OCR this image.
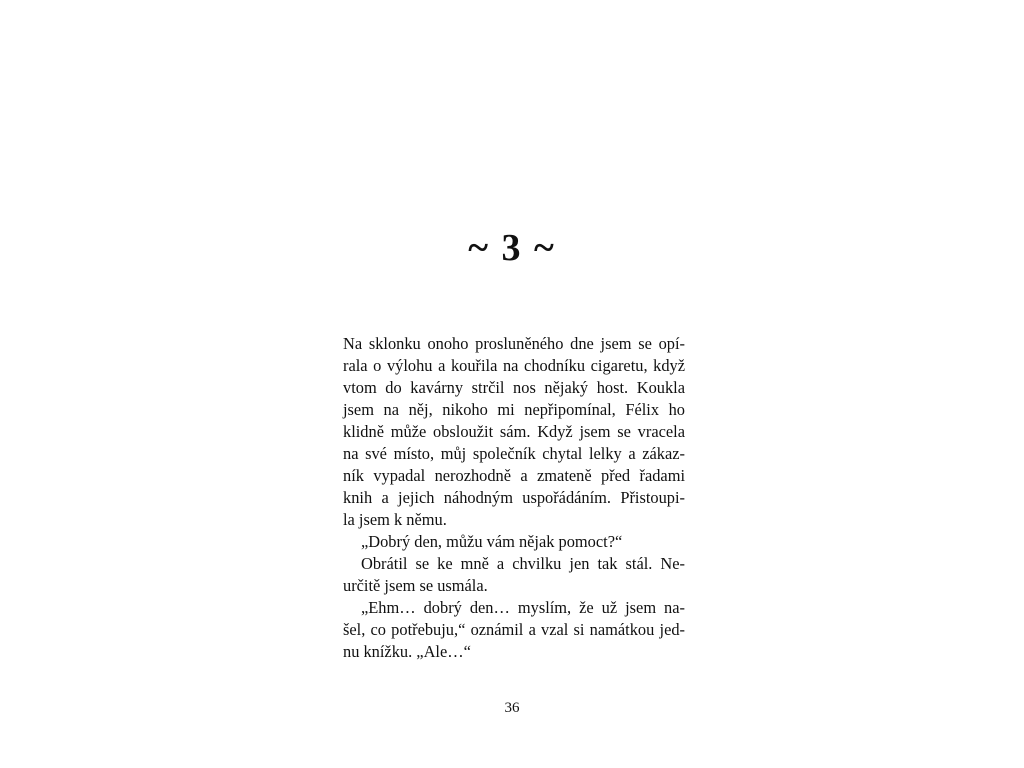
~ 3 ~
Na sklonku onoho prosluněného dne jsem se opí-
rala o výlohu a kouřila na chodníku cigaretu, když
vtom do kavárny strčil nos nějaký host. Koukla
jsem na něj, nikoho mi nepřipomínal, Félix ho
klidně může obsloužit sám. Když jsem se vracela
na své místo, můj společník chytal lelky a zákaz-
ník vypadal nerozhodně a zmateně před řadami
knih a jejich náhodným uspořádáním. Přistoupi-
la jsem k němu.
„Dobrý den, můžu vám nějak pomoct?“
Obrátil se ke mně a chvilku jen tak stál. Ne-
určitě jsem se usmála.
„Ehm… dobrý den… myslím, že už jsem na-
šel, co potřebuju,“ oznámil a vzal si namátkou jed-
nu knížku. „Ale…“
36
